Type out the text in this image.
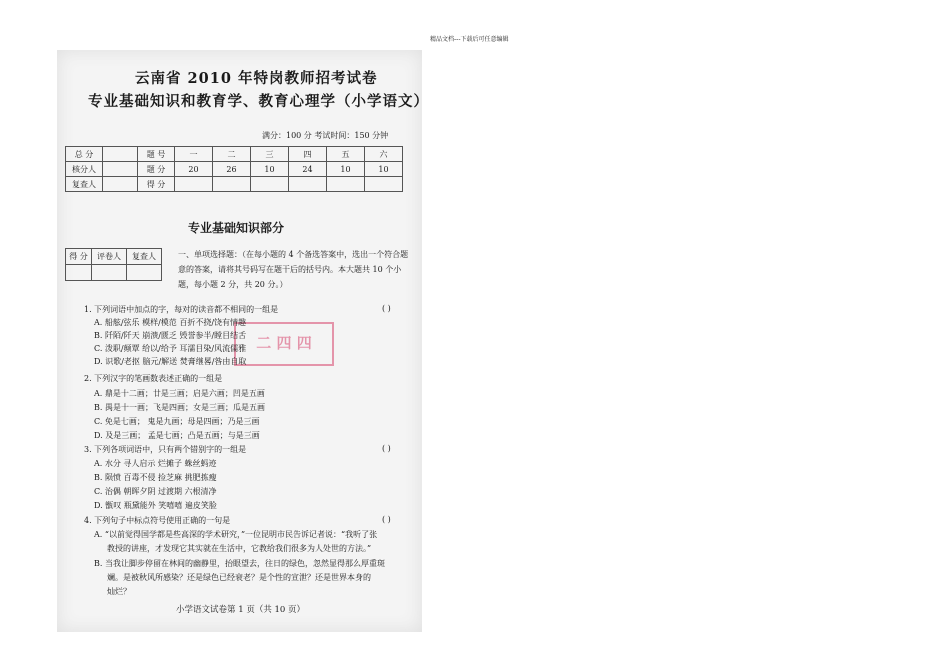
精品文档---下载后可任意编辑
云南省 2010 年特岗教师招考试卷
专业基础知识和教育学、教育心理学（小学语文）
满分：100 分 考试时间：150 分钟
总 分		题 号	一	二	三	四	五	六
核分人		题 分	20	26	10	24	10	10
复查人		得 分						
专业基础知识部分
得 分	评卷人	复查人
			一、单项选择题：（在每小题的 4 个备选答案中，选出一个符合题意的答案，请将其号码写在题干后的括号内。本大题共 10 个小题，每小题 2 分，共 20 分。）
二 四 四
1. 下列词语中加点的字，每对的读音都不相同的一组是	( )
A. 船舷/弦乐 模样/模范 百折不挠/饶有情趣
B. 阡陌/阡天 崩溃/匮乏 毁誉参半/瞠目结舌
C. 泼职/颠覃 给以/给予 耳濡目染/风流儒雅
D. 识歌/老抠 脑元/解送 焚膏继晷/咎由自取
2. 下列汉字的笔画数表述正确的一组是
A. 鼎是十二画；廿是三画；启是六画；凹是五画
B. 禺是十一画；飞是四画；女是三画；瓜是五画
C. 免是七画； 鬼是九画；母是四画；乃是三画
D. 及是三画； 孟是七画；凸是五画；与是三画
3. 下列各项词语中，只有两个错别字的一组是	( )
A. 水分 寻人启示 烂摊子 蛛丝蚂迹
B. 陨愤 百毒不侵 捡芝麻 挑肥拣瘦
C. 治偶 朝晖夕阴 过渡期 六根清净
D. 甑叹 瓶黛能外 笑嘻嘻 遍皮笑脸
4. 下列句子中标点符号使用正确的一句是	( )
A. “以前觉得国学都是些高深的学术研究，”一位昆明市民告诉记者说：“我听了张
教授的讲座，才发现它其实就在生活中，它教给我们很多为人处世的方法。”
B. 当我让脚步停留在林间的幽静里，抬眼望去，往日的绿色，忽然显得那么厚重斑
斓。是被秋风所感染？还是绿色已经衰老？是个性的宣泄？还是世界本身的
灿烂？
小学语文试卷第 1 页（共 10 页）
